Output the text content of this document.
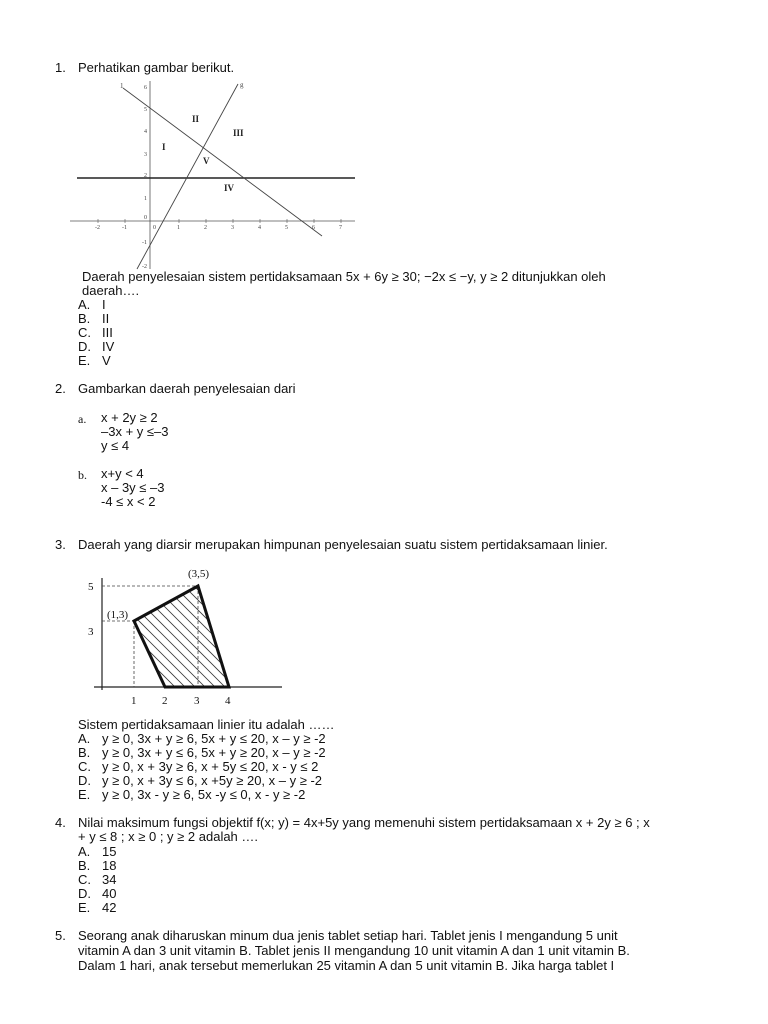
1. Perhatikan gambar berikut.
-2	-1	0	1	2	3	4	5	6	7
6
5
4
3
2
1
0
-1
-2
1	g
I
II
III
IV
V
Daerah penyelesaian sistem pertidaksamaan 5x + 6y ≥ 30; −2x ≤ −y, y ≥ 2 ditunjukkan oleh
daerah….
A. I
B. II
C. III
D. IV
E. V
2. Gambarkan daerah penyelesaian dari
a. x + 2y ≥ 2
–3x + y ≤–3
y ≤ 4
b. x+y < 4
x – 3y ≤ –3
-4 ≤ x < 2
3. Daerah yang diarsir merupakan himpunan penyelesaian suatu sistem pertidaksamaan linier.
(3,5)
(1,3)
5
3
1 2 3 4
Sistem pertidaksamaan linier itu adalah ……
A. y ≥ 0, 3x + y ≥ 6, 5x + y ≤ 20, x – y ≥ -2
B. y ≥ 0, 3x + y ≤ 6, 5x + y ≥ 20, x – y ≥ -2
C. y ≥ 0, x + 3y ≥ 6, x + 5y ≤ 20, x - y ≤ 2
D. y ≥ 0, x + 3y ≤ 6, x +5y ≥ 20, x – y ≥ -2
E. y ≥ 0, 3x - y ≥ 6, 5x -y ≤ 0, x - y ≥ -2
4. Nilai maksimum fungsi objektif f(x; y) = 4x+5y yang memenuhi sistem pertidaksamaan x + 2y ≥ 6 ; x
+ y ≤ 8 ; x ≥ 0 ; y ≥ 2 adalah ….
A. 15
B. 18
C. 34
D. 40
E. 42
5. Seorang anak diharuskan minum dua jenis tablet setiap hari. Tablet jenis I mengandung 5 unit
vitamin A dan 3 unit vitamin B. Tablet jenis II mengandung 10 unit vitamin A dan 1 unit vitamin B.
Dalam 1 hari, anak tersebut memerlukan 25 vitamin A dan 5 unit vitamin B. Jika harga tablet I
